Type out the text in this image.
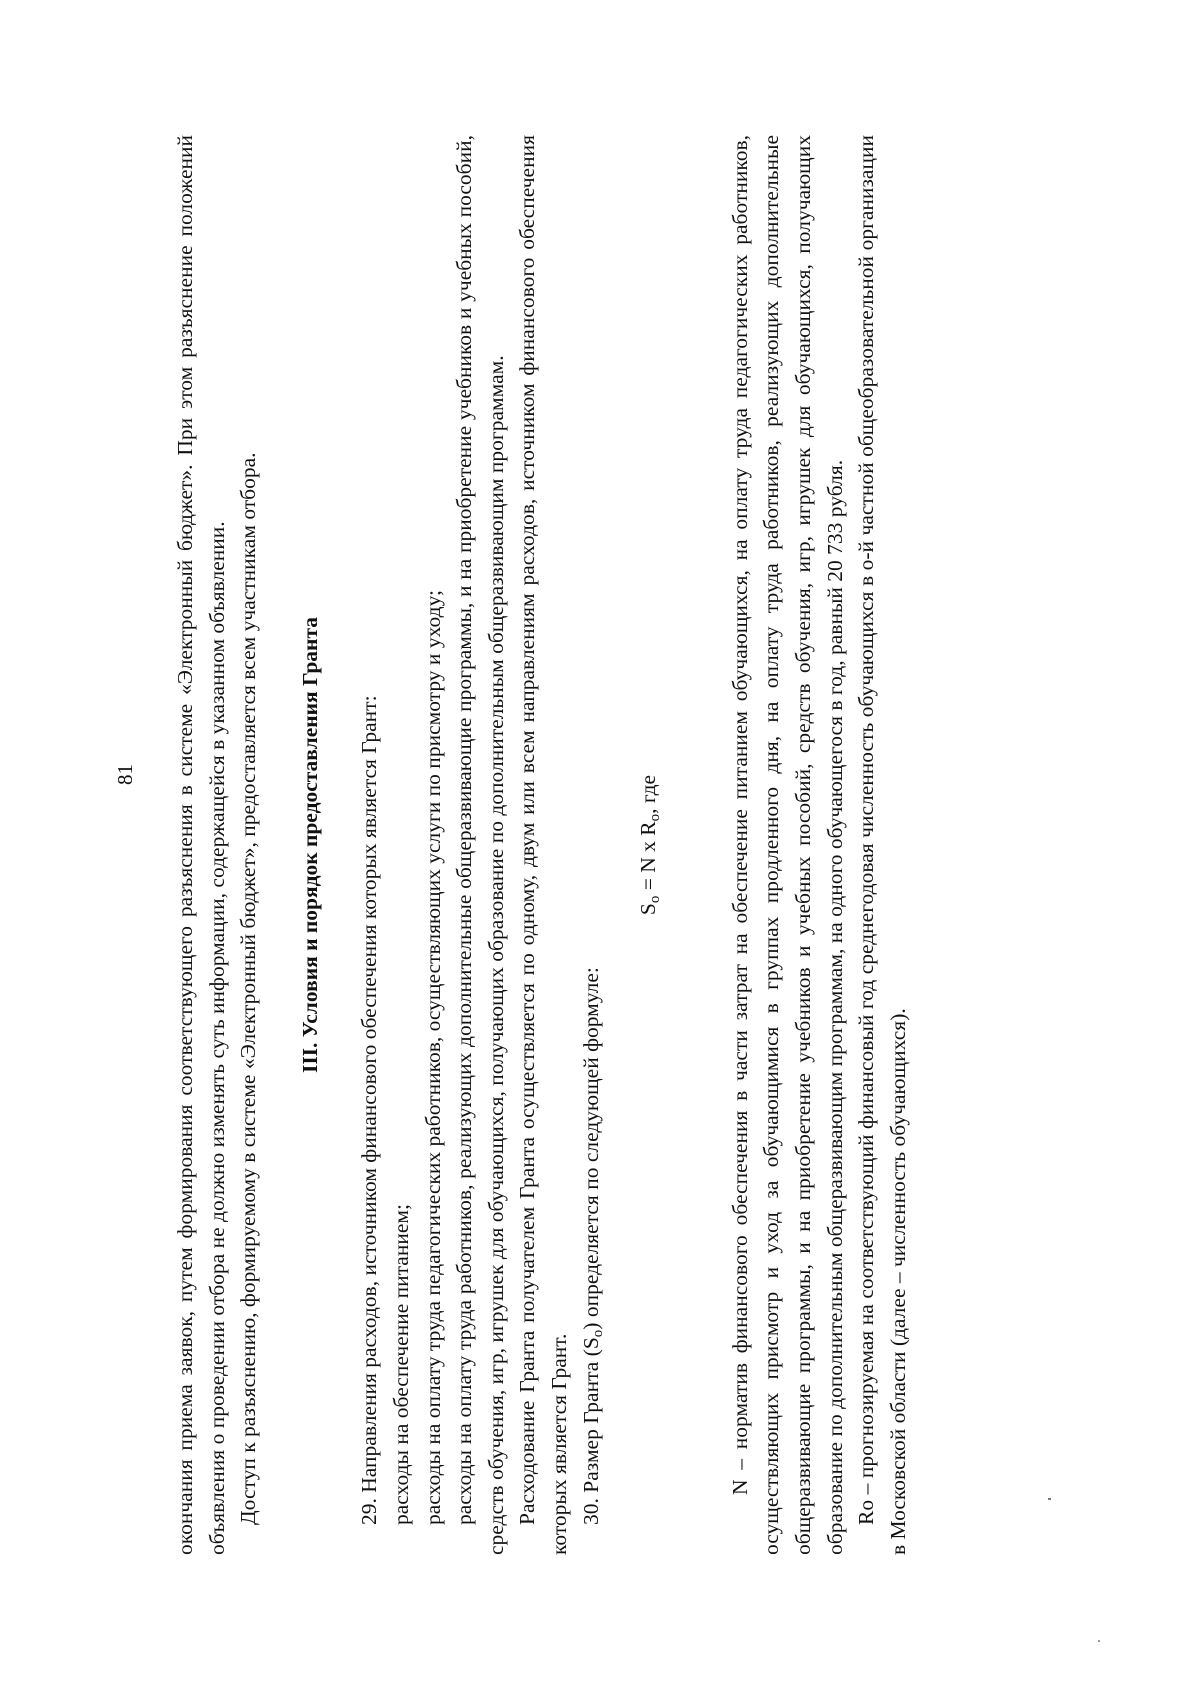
81 окончания приема заявок, путем формирования соответствующего разъяснения в системе «Электронный бюджет». При этом разъяснение положений объявления о проведении отбора не должно изменять суть информации, содержащейся в указанном объявлении. Доступ к разъяснению, формируемому в системе «Электронный бюджет», предоставляется всем участникам отбора. III. Условия и порядок предоставления Гранта 29. Направления расходов, источником финансового обеспечения которых является Грант: расходы на обеспечение питанием; расходы на оплату труда педагогических работников, осуществляющих услуги по присмотру и уходу; расходы на оплату труда работников, реализующих дополнительные общеразвивающие программы, и на приобретение учебников и учебных пособий, средств обучения, игр, игрушек для обучающихся, получающих образование по дополнительным общеразвивающим программам. Расходование Гранта получателем Гранта осуществляется по одному, двум или всем направлениям расходов, источником финансового обеспечения которых является Грант. 30. Размер Гранта $(S_o)$ определяется по следующей формуле:

$S_o = N$ x $R_o$, где	N – норматив финансового обеспечения в части затрат на обеспечение питанием обучающихся, на оплату труда педагогических работников, осуществляющих присмотр и уход за обучающимися в группах продленного дня, на оплату труда работников, реализующих дополнительные общеразвивающие программы, и на приобретение учебников и учебных пособий, средств обучения, игр, игрушек для обучающихся, получающих образование по дополнительным общеразвивающим программам, на одного обучающегося в год, равный 20 733 рубля. Ro – прогнозируемая на соответствующий финансовый год среднегодовая численность обучающихся в о-й частной общеобразовательной организации в Московской области (далее – численность обучающихся).
